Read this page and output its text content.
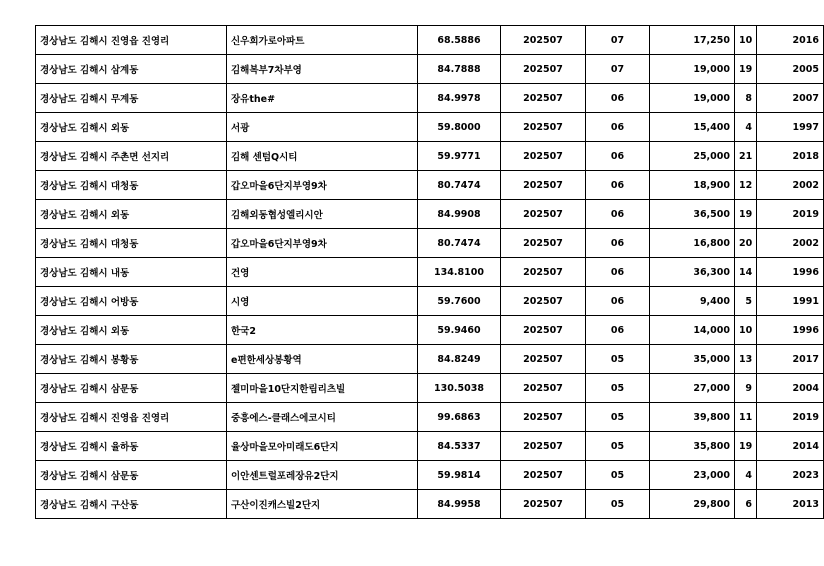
경상남도 김해시 진영읍 진영리	신우희가로아파트	68.5886	202507	07	17,250	10	2016
경상남도 김해시 삼계동	김해복부7차부영	84.7888	202507	07	19,000	19	2005
경상남도 김해시 무계동	장유the#	84.9978	202507	06	19,000	8	2007
경상남도 김해시 외동	서광	59.8000	202507	06	15,400	4	1997
경상남도 김해시 주촌면 선지리	김해 센텀Q시티	59.9771	202507	06	25,000	21	2018
경상남도 김해시 대청동	갑오마을6단지부영9차	80.7474	202507	06	18,900	12	2002
경상남도 김해시 외동	김해외동협성엘리시안	84.9908	202507	06	36,500	19	2019
경상남도 김해시 대청동	갑오마을6단지부영9차	80.7474	202507	06	16,800	20	2002
경상남도 김해시 내동	건영	134.8100	202507	06	36,300	14	1996
경상남도 김해시 어방동	시영	59.7600	202507	06	9,400	5	1991
경상남도 김해시 외동	한국2	59.9460	202507	06	14,000	10	1996
경상남도 김해시 봉황동	e편한세상봉황역	84.8249	202507	05	35,000	13	2017
경상남도 김해시 삼문동	젤미마을10단지한림리츠빌	130.5038	202507	05	27,000	9	2004
경상남도 김해시 진영읍 진영리	중흥에스-클래스에코시티	99.6863	202507	05	39,800	11	2019
경상남도 김해시 율하동	율상마을모아미래도6단지	84.5337	202507	05	35,800	19	2014
경상남도 김해시 삼문동	이안센트럴포레장유2단지	59.9814	202507	05	23,000	4	2023
경상남도 김해시 구산동	구산이진캐스빌2단지	84.9958	202507	05	29,800	6	2013
